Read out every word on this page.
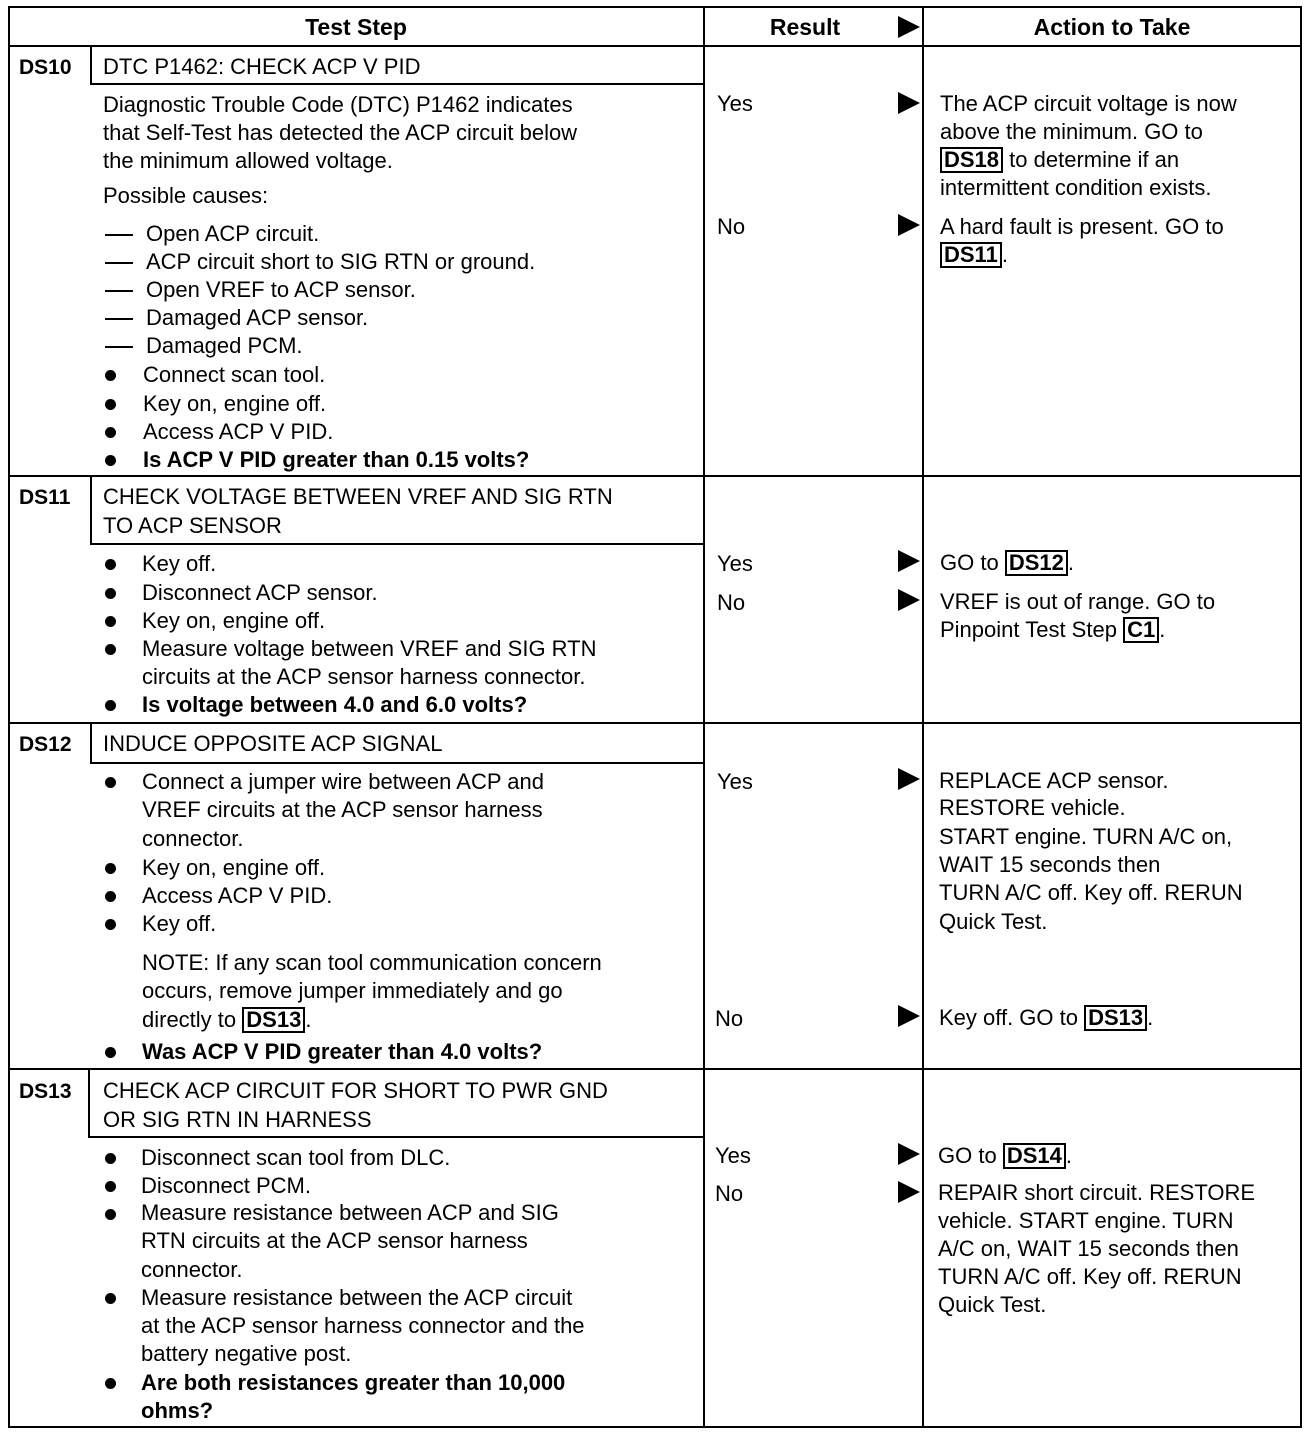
Test Step	Result	Action to Take
DS10 DTC P1462: CHECK ACP V PID
Diagnostic Trouble Code (DTC) P1462 indicates
that Self-Test has detected the ACP circuit below
the minimum allowed voltage.
Possible causes:
Open ACP circuit.
ACP circuit short to SIG RTN or ground.
Open VREF to ACP sensor.
Damaged ACP sensor.
Damaged PCM.
Connect scan tool.
Key on, engine off.
Access ACP V PID.
Is ACP V PID greater than 0.15 volts?
Yes
No
The ACP circuit voltage is now
above the minimum. GO to
DS18 to determine if an
intermittent condition exists.
A hard fault is present. GO to
DS11 .
DS11 CHECK VOLTAGE BETWEEN VREF AND SIG RTN
TO ACP SENSOR
Key off.
Disconnect ACP sensor.
Key on, engine off.
Measure voltage between VREF and SIG RTN
circuits at the ACP sensor harness connector.
Is voltage between 4.0 and 6.0 volts?
Yes
No
GO to DS12 .
VREF is out of range. GO to
Pinpoint Test Step C1 .
DS12 INDUCE OPPOSITE ACP SIGNAL
Connect a jumper wire between ACP and
VREF circuits at the ACP sensor harness
connector.
Key on, engine off.
Access ACP V PID.
Key off.
NOTE: If any scan tool communication concern
occurs, remove jumper immediately and go
directly to DS13 .
Was ACP V PID greater than 4.0 volts?
Yes
No
REPLACE ACP sensor.
RESTORE vehicle.
START engine. TURN A/C on,
WAIT 15 seconds then
TURN A/C off. Key off. RERUN
Quick Test.
Key off. GO to DS13 .
DS13 CHECK ACP CIRCUIT FOR SHORT TO PWR GND
OR SIG RTN IN HARNESS
Disconnect scan tool from DLC.
Disconnect PCM.
Measure resistance between ACP and SIG
RTN circuits at the ACP sensor harness
connector.
Measure resistance between the ACP circuit
at the ACP sensor harness connector and the
battery negative post.
Are both resistances greater than 10,000
ohms?
Yes
No
GO to DS14 .
REPAIR short circuit. RESTORE
vehicle. START engine. TURN
A/C on, WAIT 15 seconds then
TURN A/C off. Key off. RERUN
Quick Test.
